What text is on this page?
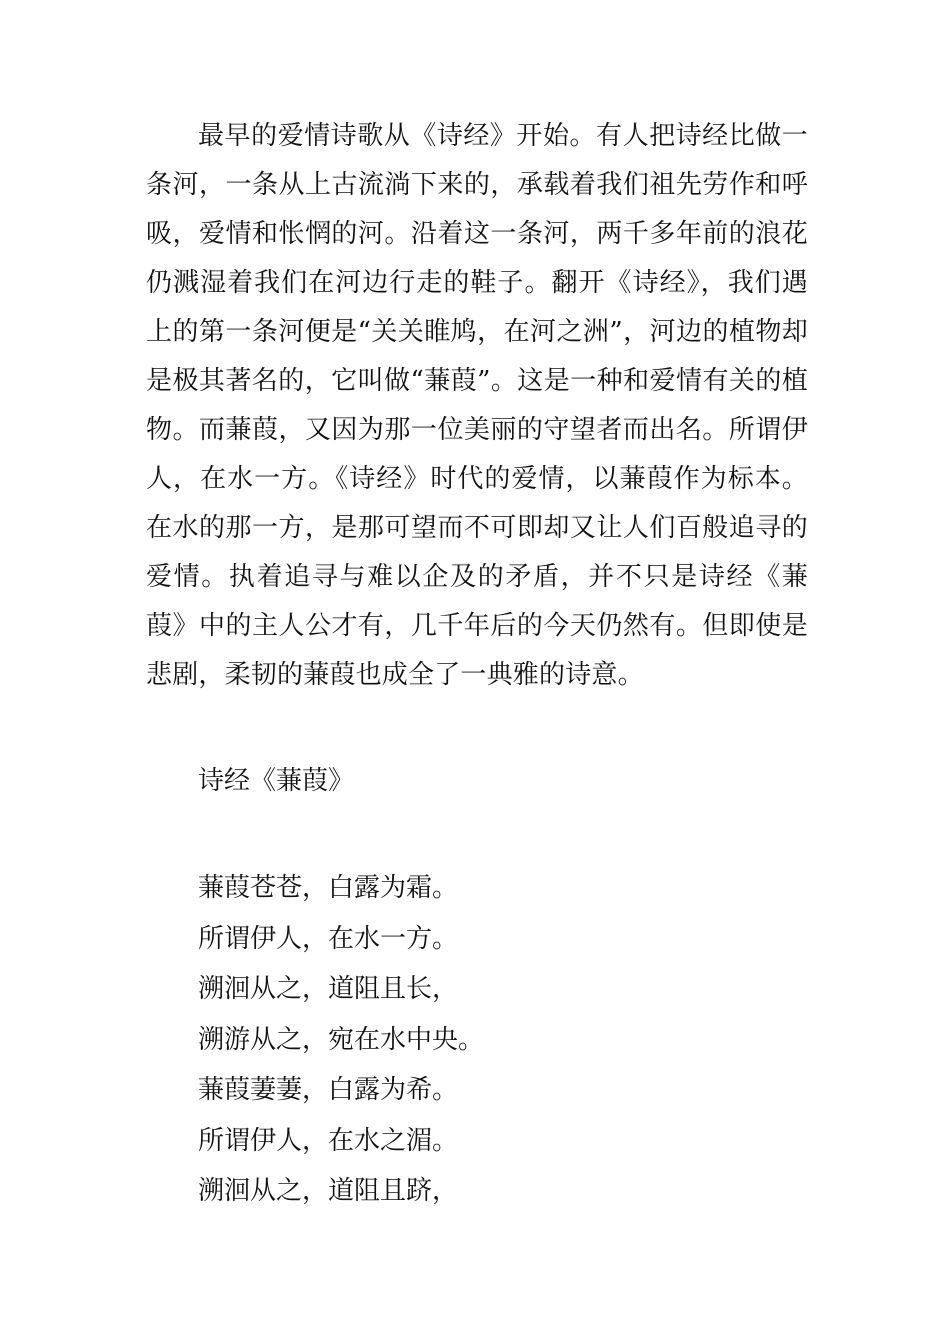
最早的爱情诗歌从《诗经》开始。有人把诗经比做一条河，一条从上古流淌下来的，承载着我们祖先劳作和呼吸，爱情和怅惘的河。沿着这一条河，两千多年前的浪花仍溅湿着我们在河边行走的鞋子。翻开《诗经》，我们遇上的第一条河便是“关关睢鸠，在河之洲”，河边的植物却是极其著名的，它叫做“蒹葭”。这是一种和爱情有关的植物。而蒹葭，又因为那一位美丽的守望者而出名。所谓伊人，在水一方。《诗经》时代的爱情，以蒹葭作为标本。在水的那一方，是那可望而不可即却又让人们百般追寻的爱情。执着追寻与难以企及的矛盾，并不只是诗经《蒹葭》中的主人公才有，几千年后的今天仍然有。但即使是悲剧，柔韧的蒹葭也成全了一典雅的诗意。

诗经《蒹葭》

蒹葭苍苍，白露为霜。
所谓伊人，在水一方。
溯洄从之，道阻且长，
溯游从之，宛在水中央。
蒹葭萋萋，白露为希。
所谓伊人，在水之湄。
溯洄从之，道阻且跻，
